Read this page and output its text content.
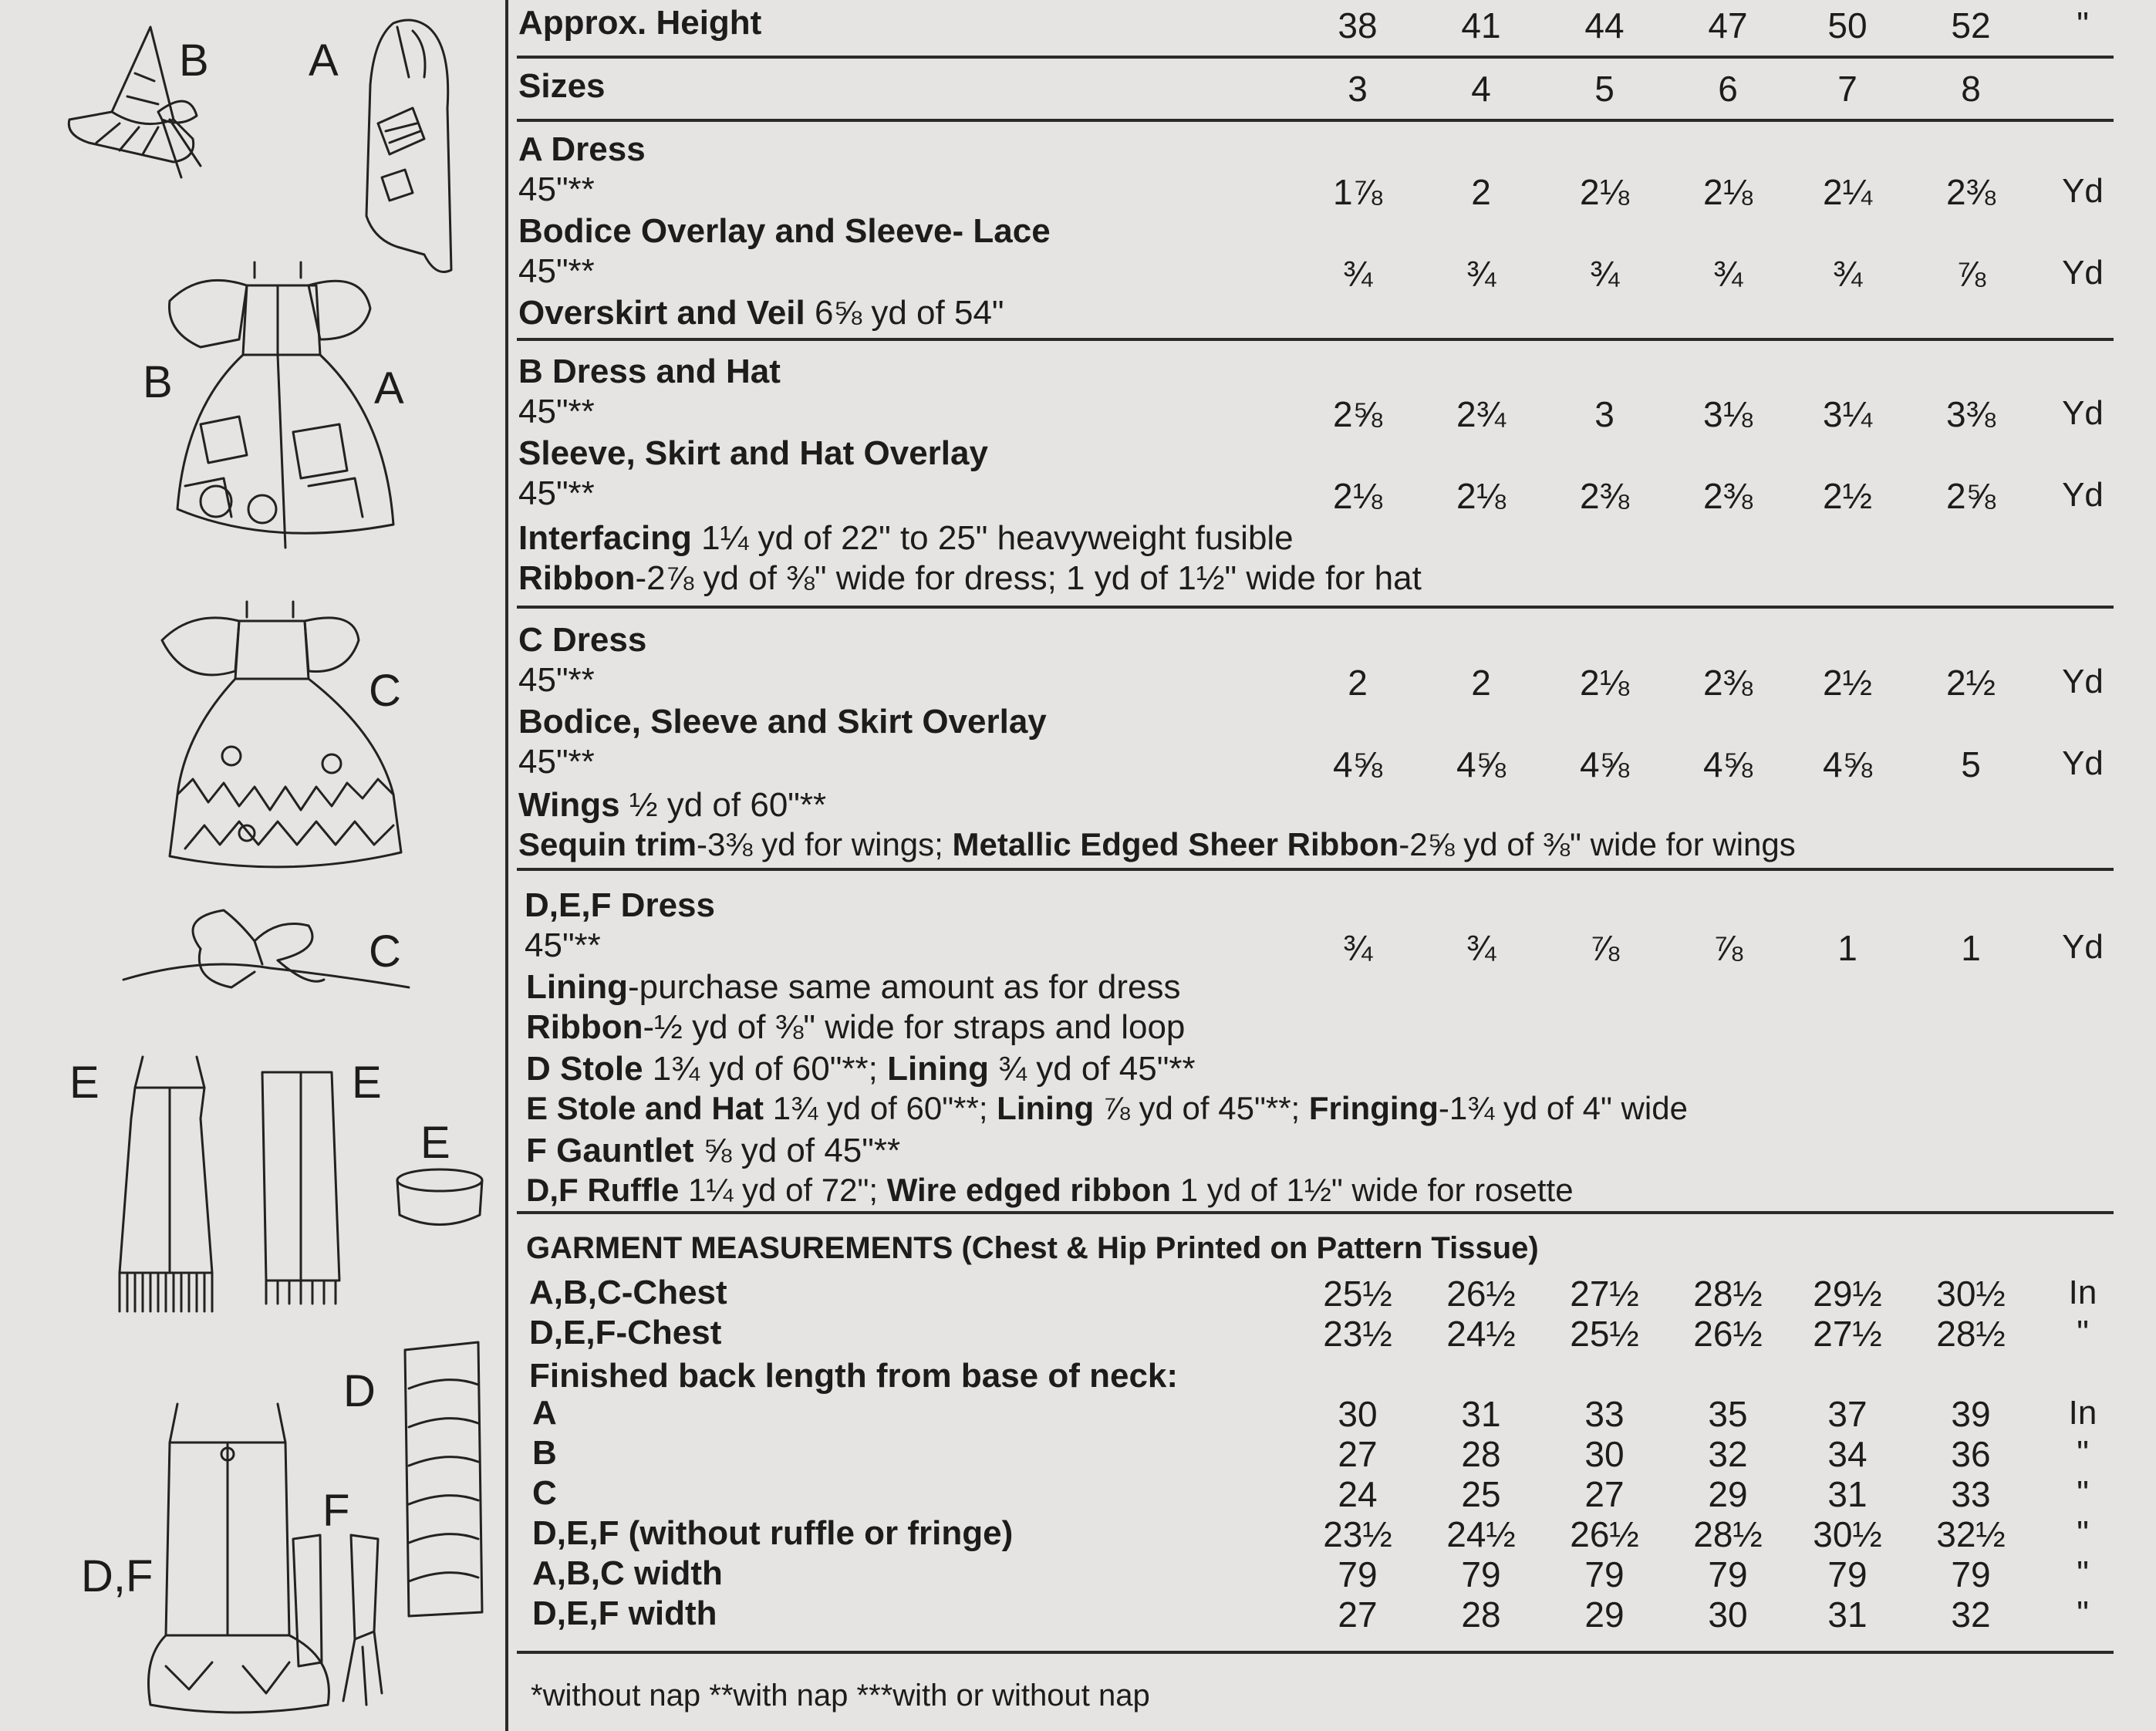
B A
B	A
C
C
E	E
E
D
F
D,F
Approx. Height	38 41 44 47 50 52	"
Sizes	3	4	5	6	7	8
A Dress
45"**	1⅞	2	2⅛ 2⅛ 2¼ 2⅜ Yd
Bodice Overlay and Sleeve- Lace
45"**	¾	¾	¾	¾	¾	⅞ Yd
Overskirt and Veil 6⅝ yd of 54"
B Dress and Hat
45"**	2⅝ 2¾	3	3⅛ 3¼ 3⅜ Yd
Sleeve, Skirt and Hat Overlay
45"**	2⅛ 2⅛ 2⅜ 2⅜ 2½ 2⅝ Yd
Interfacing 1¼ yd of 22" to 25" heavyweight fusible
Ribbon-2⅞ yd of ⅜" wide for dress; 1 yd of 1½" wide for hat
C Dress
45"**	2	2	2⅛ 2⅜ 2½ 2½ Yd
Bodice, Sleeve and Skirt Overlay
45"**	4⅝ 4⅝ 4⅝ 4⅝ 4⅝	5 Yd
Wings ½ yd of 60"**
Sequin trim-3⅜ yd for wings; Metallic Edged Sheer Ribbon-2⅝ yd of ⅜" wide for wings
D,E,F Dress
45"**	¾	¾	⅞	⅞	1	1 Yd
Lining-purchase same amount as for dress
Ribbon-½ yd of ⅜" wide for straps and loop
D Stole 1¾ yd of 60"**; Lining ¾ yd of 45"**
E Stole and Hat 1¾ yd of 60"**; Lining ⅞ yd of 45"**; Fringing-1¾ yd of 4" wide
F Gauntlet ⅝ yd of 45"**
D,F Ruffle 1¼ yd of 72"; Wire edged ribbon 1 yd of 1½" wide for rosette
GARMENT MEASUREMENTS (Chest & Hip Printed on Pattern Tissue)
A,B,C-Chest	25½ 26½ 27½ 28½ 29½ 30½ In
D,E,F-Chest	23½ 24½ 25½ 26½ 27½ 28½ "
Finished back length from base of neck:
A	30 31 33 35 37 39 In
B	27 28 30 32 34 36	"
C	24 25 27 29 31 33	"
D,E,F (without ruffle or fringe)	23½ 24½ 26½ 28½ 30½ 32½ "
A,B,C width	79 79 79 79 79 79	"
D,E,F width	27 28 29 30 31 32	"
*without nap **with nap ***with or without nap
